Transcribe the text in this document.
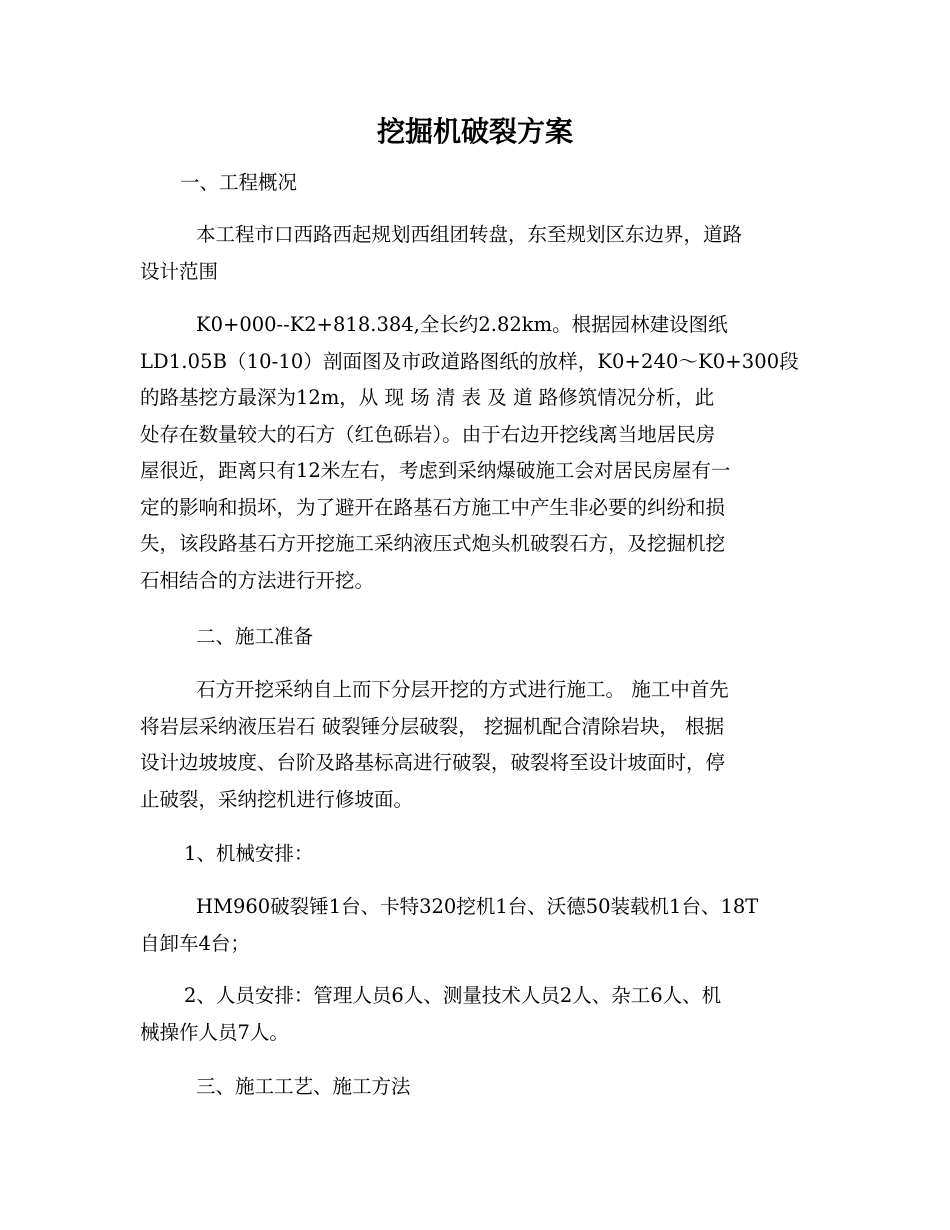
挖掘机破裂方案

一、工程概况

本工程市口西路西起规划西组团转盘，东至规划区东边界，道路
设计范围

K0+000--K2+818.384,全长约2.82km。根据园林建设图纸
LD1.05B（10-10）剖面图及市政道路图纸的放样，K0+240～K0+300段
的路基挖方最深为12m，从 现 场 清 表 及 道 路修筑情况分析，此
处存在数量较大的石方（红色砾岩）。由于右边开挖线离当地居民房
屋很近，距离只有12米左右，考虑到采纳爆破施工会对居民房屋有一
定的影响和损坏，为了避开在路基石方施工中产生非必要的纠纷和损
失，该段路基石方开挖施工采纳液压式炮头机破裂石方，及挖掘机挖
石相结合的方法进行开挖。

二、施工准备

石方开挖采纳自上而下分层开挖的方式进行施工。 施工中首先
将岩层采纳液压岩石 破裂锤分层破裂， 挖掘机配合清除岩块， 根据
设计边坡坡度、台阶及路基标高进行破裂，破裂将至设计坡面时，停
止破裂，采纳挖机进行修坡面。

1、机械安排：

HM960破裂锤1台、卡特320挖机1台、沃德50装载机1台、18T
自卸车4台；

2、人员安排：管理人员6人、测量技术人员2人、杂工6人、机
械操作人员7人。

三、施工工艺、施工方法
